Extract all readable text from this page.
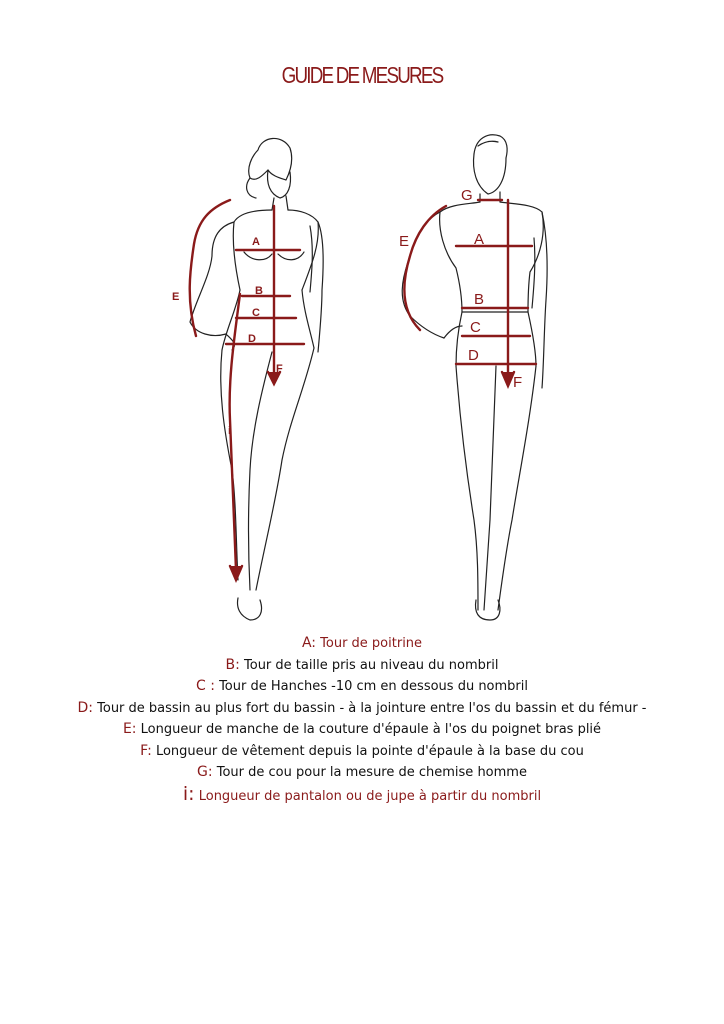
GUIDE DE MESURES
A
B
C
D
E
F
i
G
A
B
C
D
E
F
A: Tour de poitrine
B: Tour de taille pris au niveau du nombril
C : Tour de Hanches -10 cm en dessous du nombril
D: Tour de bassin au plus fort du bassin - à la jointure entre l'os du bassin et du fémur -
E: Longueur de manche de la couture d'épaule à l'os du poignet bras plié
F: Longueur de vêtement depuis la pointe d'épaule à la base du cou
G: Tour de cou pour la mesure de chemise homme
i: Longueur de pantalon ou de jupe à partir du nombril
